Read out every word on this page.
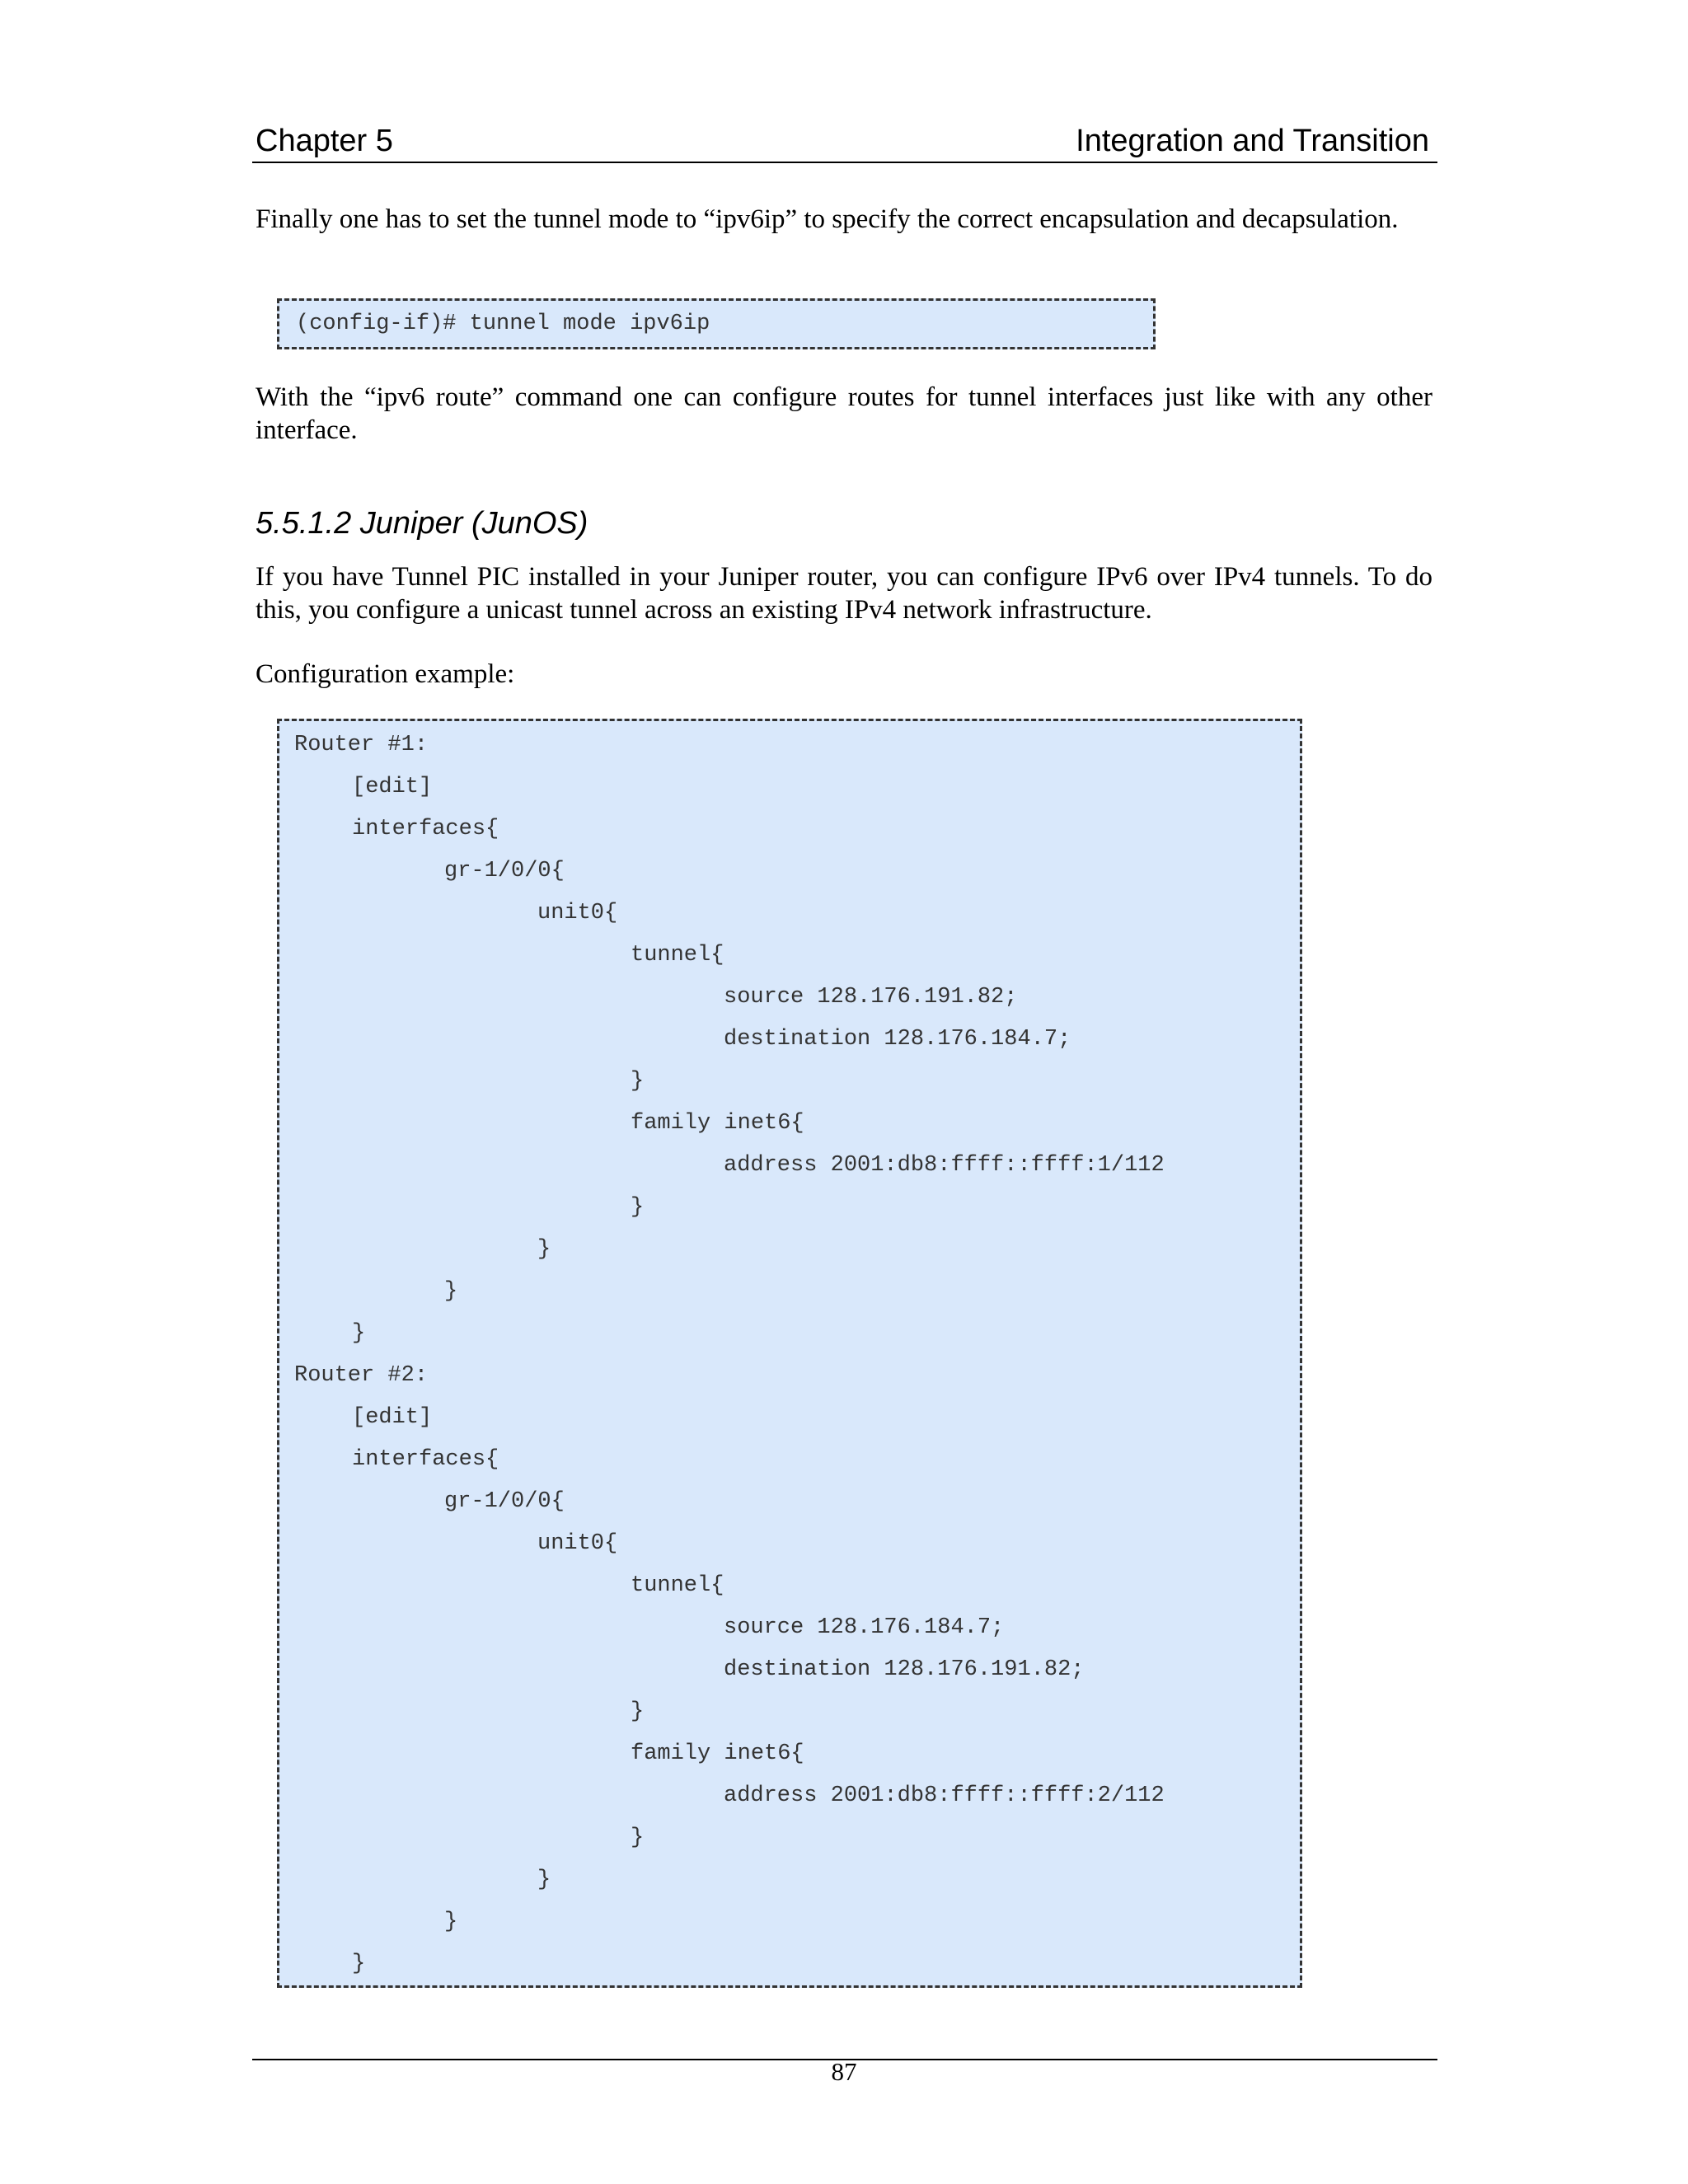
Chapter 5	Integration and Transition
Finally one has to set the tunnel mode to “ipv6ip” to specify the correct encapsulation and decapsulation.
(config-if)# tunnel mode ipv6ip
With the “ipv6 route” command one can configure routes for tunnel interfaces just like with any other interface.
5.5.1.2 Juniper (JunOS)
If you have Tunnel PIC installed in your Juniper router, you can configure IPv6 over IPv4 tunnels. To do this, you configure a unicast tunnel across an existing IPv4 network infrastructure.
Configuration example:
Router #1:
[edit]
interfaces{
gr-1/0/0{
unit0{
tunnel{
source 128.176.191.82;
destination 128.176.184.7;
}
family inet6{
address 2001:db8:ffff::ffff:1/112
}
}
}
}
Router #2:
[edit]
interfaces{
gr-1/0/0{
unit0{
tunnel{
source 128.176.184.7;
destination 128.176.191.82;
}
family inet6{
address 2001:db8:ffff::ffff:2/112
}
}
}
}
87
